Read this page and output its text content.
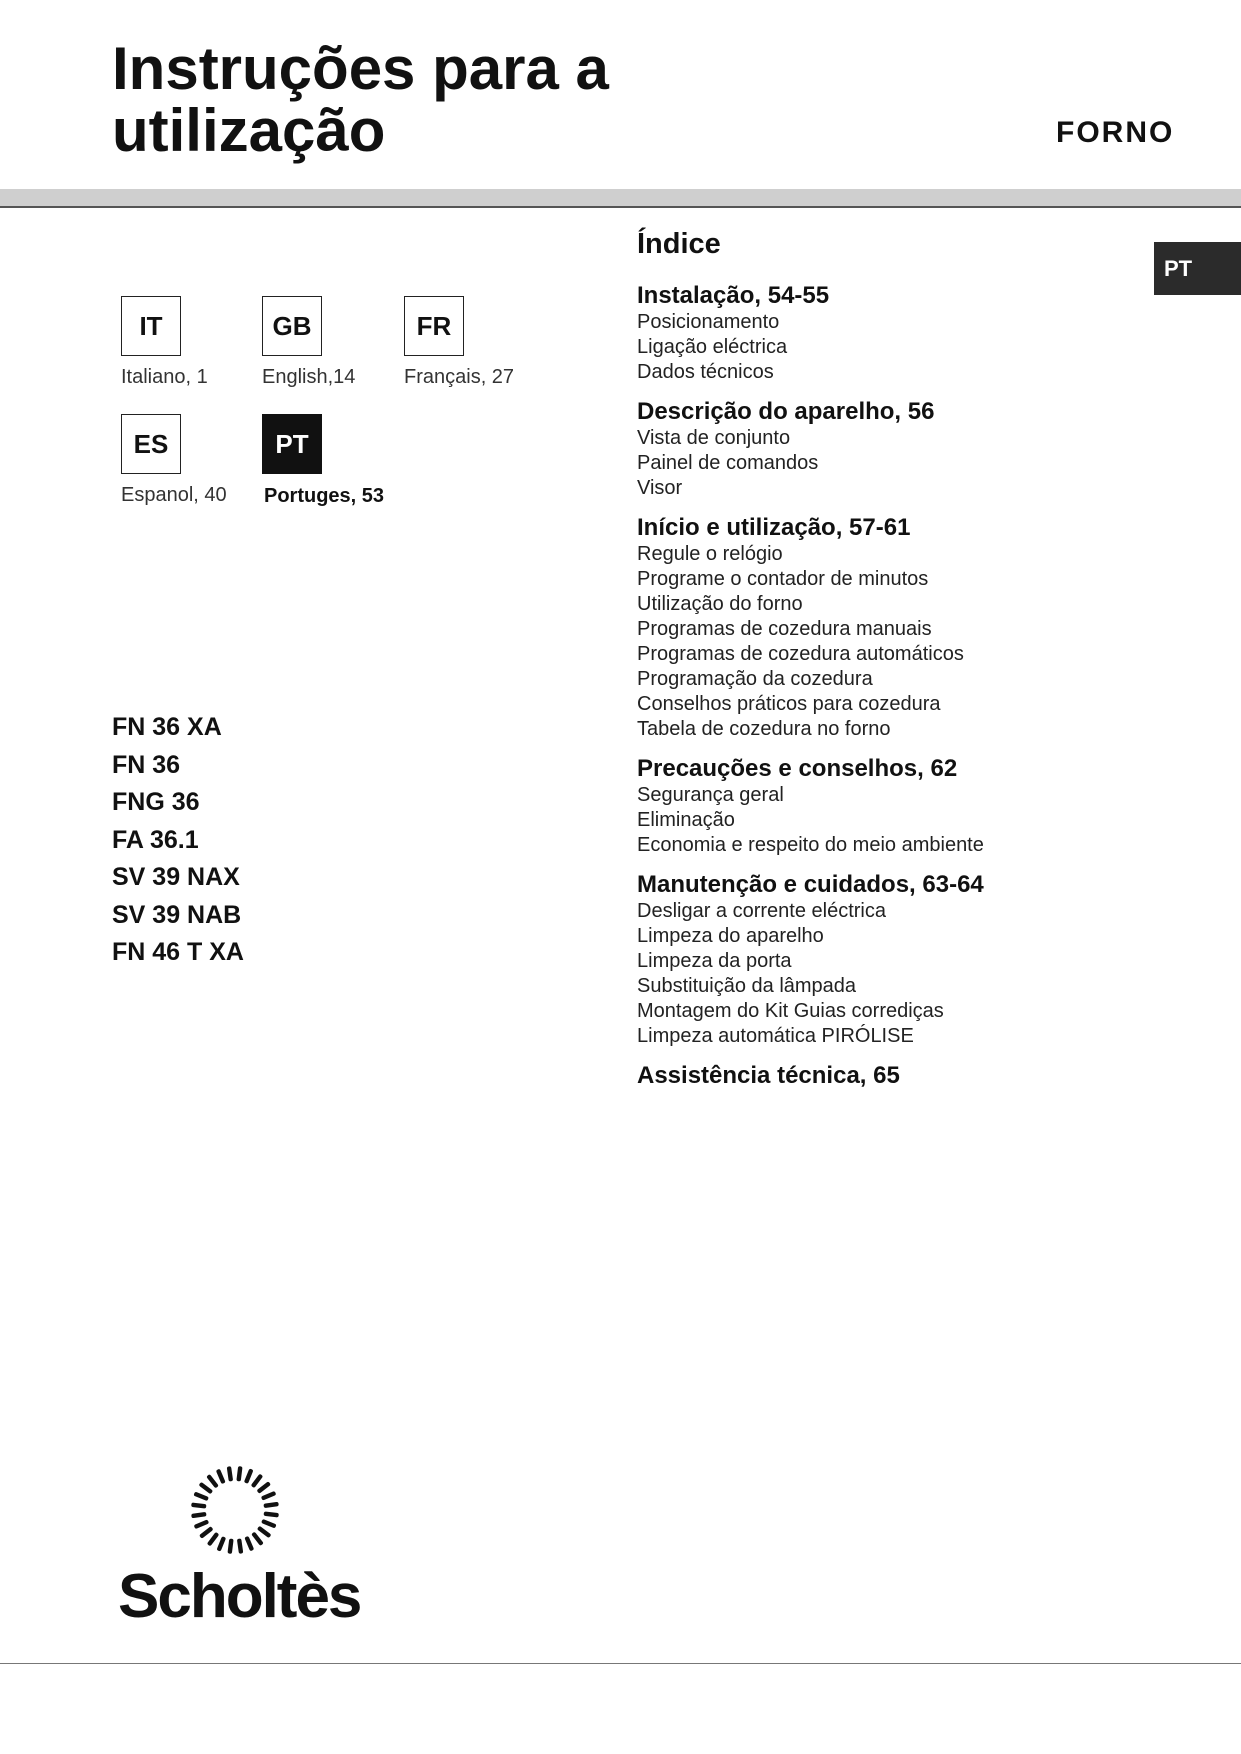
Instruções para a
utilização	FORNO
PT
IT
Italiano, 1
GB
English,14
FR
Français, 27
ES
Espanol, 40
PT
Portuges, 53
FN 36 XA
FN 36
FNG 36
FA 36.1
SV 39 NAX
SV 39 NAB
FN 46 T XA
Índice
Instalação, 54-55
Posicionamento
Ligação eléctrica
Dados técnicos
Descrição do aparelho, 56
Vista de conjunto
Painel de comandos
Visor
Início e utilização, 57-61
Regule o relógio
Programe o contador de minutos
Utilização do forno
Programas de cozedura manuais
Programas de cozedura automáticos
Programação da cozedura
Conselhos práticos para cozedura
Tabela de cozedura no forno
Precauções e conselhos, 62
Segurança geral
Eliminação
Economia e respeito do meio ambiente
Manutenção e cuidados, 63-64
Desligar a corrente eléctrica
Limpeza do aparelho
Limpeza da porta
Substituição da lâmpada
Montagem do Kit Guias corrediças
Limpeza automática PIRÓLISE
Assistência técnica, 65
Scholtès
